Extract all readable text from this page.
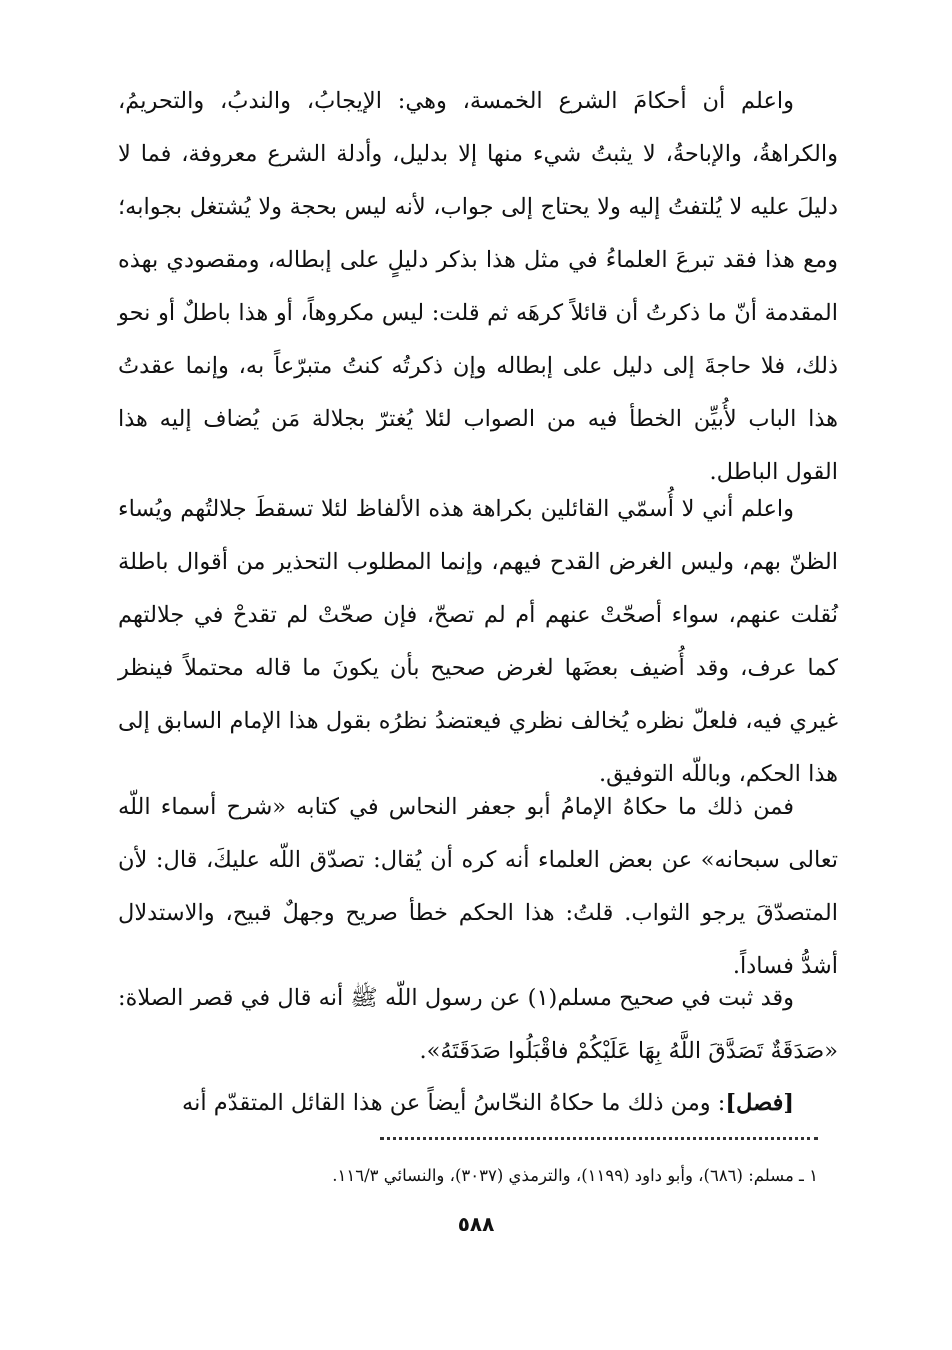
واعلم أن أحكامَ الشرع الخمسة، وهي: الإيجابُ، والندبُ، والتحريمُ، والكراهةُ، والإباحةُ، لا يثبتُ شيء منها إلا بدليل، وأدلة الشرع معروفة، فما لا دليلَ عليه لا يُلتفتُ إليه ولا يحتاج إلى جواب، لأنه ليس بحجة ولا يُشتغل بجوابه؛ ومع هذا فقد تبرعَ العلماءُ في مثل هذا بذكر دليلٍ على إبطاله، ومقصودي بهذه المقدمة أنّ ما ذكرتُ أن قائلاً كرهَه ثم قلت: ليس مكروهاً، أو هذا باطلٌ أو نحو ذلك، فلا حاجةَ إلى دليل على إبطاله وإن ذكرتُه كنتُ متبرّعاً به، وإنما عقدتُ هذا الباب لأُبيِّن الخطأ فيه من الصواب لئلا يُغترّ بجلالة مَن يُضاف إليه هذا القول الباطل.

واعلم أني لا أُسمّي القائلين بكراهة هذه الألفاظ لئلا تسقطَ جلالتُهم ويُساء الظنّ بهم، وليس الغرض القدح فيهم، وإنما المطلوب التحذير من أقوال باطلة نُقلت عنهم، سواء أصحّتْ عنهم أم لم تصحّ، فإن صحّتْ لم تقدحْ في جلالتهم كما عرف، وقد أُضيف بعضَها لغرض صحيح بأن يكونَ ما قاله محتملاً فينظر غيري فيه، فلعلّ نظره يُخالف نظري فيعتضدُ نظرُه بقول هذا الإمام السابق إلى هذا الحكم، وباللّه التوفيق.

فمن ذلك ما حكاهُ الإمامُ أبو جعفر النحاس في كتابه «شرح أسماء اللّه تعالى سبحانه» عن بعض العلماء أنه كره أن يُقال: تصدّق اللّه عليكَ، قال: لأن المتصدّقَ يرجو الثواب. قلتُ: هذا الحكم خطأ صريح وجهلٌ قبيح، والاستدلال أشدُّ فساداً.

وقد ثبت في صحيح مسلم(١) عن رسول اللّه ﷺ أنه قال في قصر الصلاة: «صَدَقَةٌ تَصَدَّقَ اللَّهُ بِهَا عَلَيْكُمْ فاقْبَلُوا صَدَقَتَهُ».

[فصل]: ومن ذلك ما حكاهُ النحّاسُ أيضاً عن هذا القائل المتقدّم أنه

١ ـ مسلم: (٦٨٦)، وأبو داود (١١٩٩)، والترمذي (٣٠٣٧)، والنسائي ١١٦/٣.
٥٨٨
